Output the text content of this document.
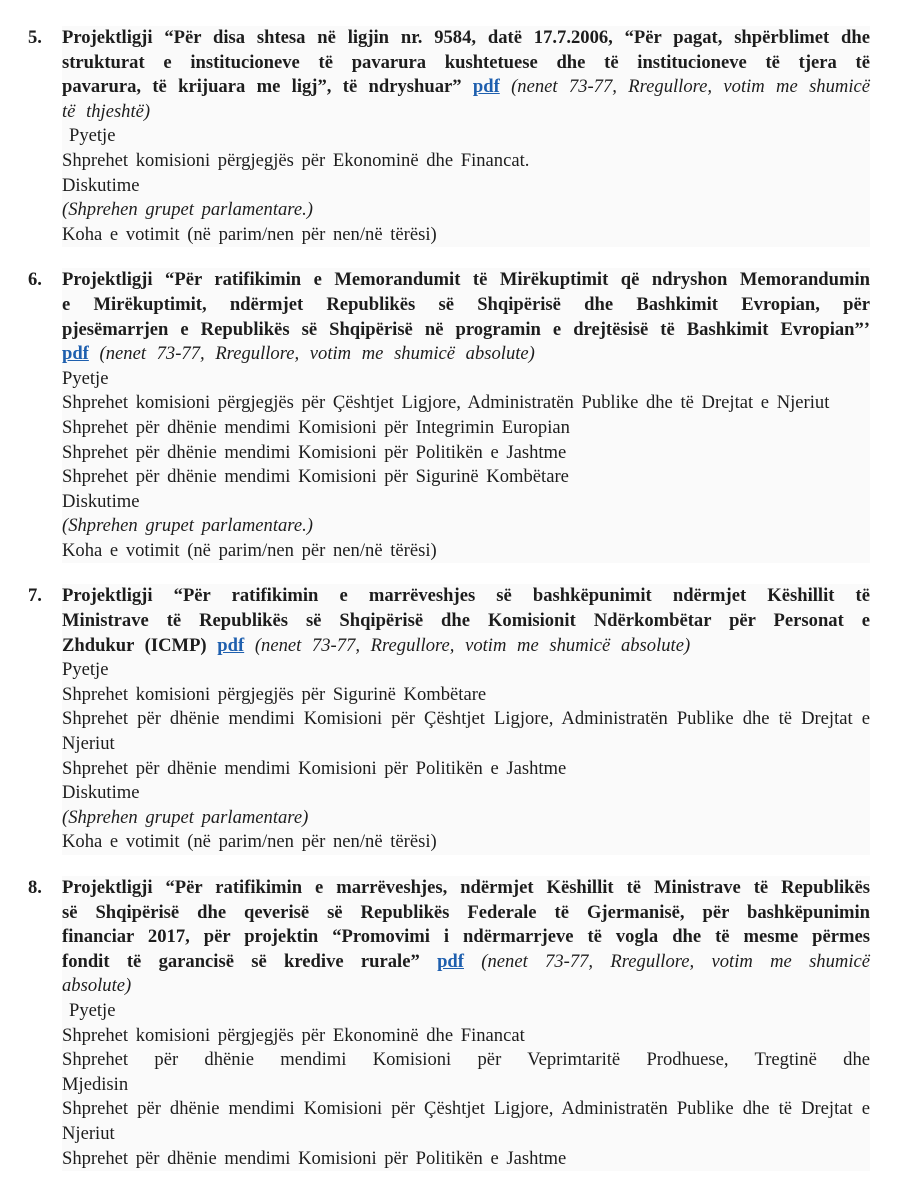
5.	Projektligji “Për disa shtesa në ligjin nr. 9584, datë 17.7.2006, “Për pagat, shpërblimet dhe strukturat e institucioneve të pavarura kushtetuese dhe të institucioneve të tjera të pavarura, të krijuara me ligj”, të ndryshuar” pdf (nenet 73-77, Rregullore, votim me shumicë të thjeshtë)

Pyetje

Shprehet komisioni përgjegjës për Ekonominë dhe Financat.

Diskutime

(Shprehen grupet parlamentare.)

Koha e votimit (në parim/nen për nen/në tërësi)

6.	Projektligji “Për ratifikimin e Memorandumit të Mirëkuptimit që ndryshon Memorandumin e Mirëkuptimit, ndërmjet Republikës së Shqipërisë dhe Bashkimit Evropian, për pjesëmarrjen e Republikës së Shqipërisë në programin e drejtësisë të Bashkimit Evropian”’ pdf (nenet 73-77, Rregullore, votim me shumicë absolute)

Pyetje

Shprehet komisioni përgjegjës për Çështjet Ligjore, Administratën Publike dhe të Drejtat e Njeriut

Shprehet për dhënie mendimi Komisioni për Integrimin Europian

Shprehet për dhënie mendimi Komisioni për Politikën e Jashtme

Shprehet për dhënie mendimi Komisioni për Sigurinë Kombëtare

Diskutime

(Shprehen grupet parlamentare.)

Koha e votimit (në parim/nen për nen/në tërësi)

7.	Projektligji “Për ratifikimin e marrëveshjes së bashkëpunimit ndërmjet Këshillit të Ministrave të Republikës së Shqipërisë dhe Komisionit Ndërkombëtar për Personat e Zhdukur (ICMP) pdf (nenet 73-77, Rregullore, votim me shumicë absolute)

Pyetje

Shprehet komisioni përgjegjës për Sigurinë Kombëtare

Shprehet për dhënie mendimi Komisioni për Çështjet Ligjore, Administratën Publike dhe të Drejtat e Njeriut

Shprehet për dhënie mendimi Komisioni për Politikën e Jashtme

Diskutime

(Shprehen grupet parlamentare)

Koha e votimit (në parim/nen për nen/në tërësi)

8.	Projektligji “Për ratifikimin e marrëveshjes, ndërmjet Këshillit të Ministrave të Republikës së Shqipërisë dhe qeverisë së Republikës Federale të Gjermanisë, për bashkëpunimin financiar 2017, për projektin “Promovimi i ndërmarrjeve të vogla dhe të mesme përmes fondit të garancisë së kredive rurale” pdf (nenet 73-77, Rregullore, votim me shumicë absolute)

Pyetje

Shprehet komisioni përgjegjës për Ekonominë dhe Financat

Shprehet për dhënie mendimi Komisioni për Veprimtaritë Prodhuese, Tregtinë dhe Mjedisin

Shprehet për dhënie mendimi Komisioni për Çështjet Ligjore, Administratën Publike dhe të Drejtat e Njeriut

Shprehet për dhënie mendimi Komisioni për Politikën e Jashtme
